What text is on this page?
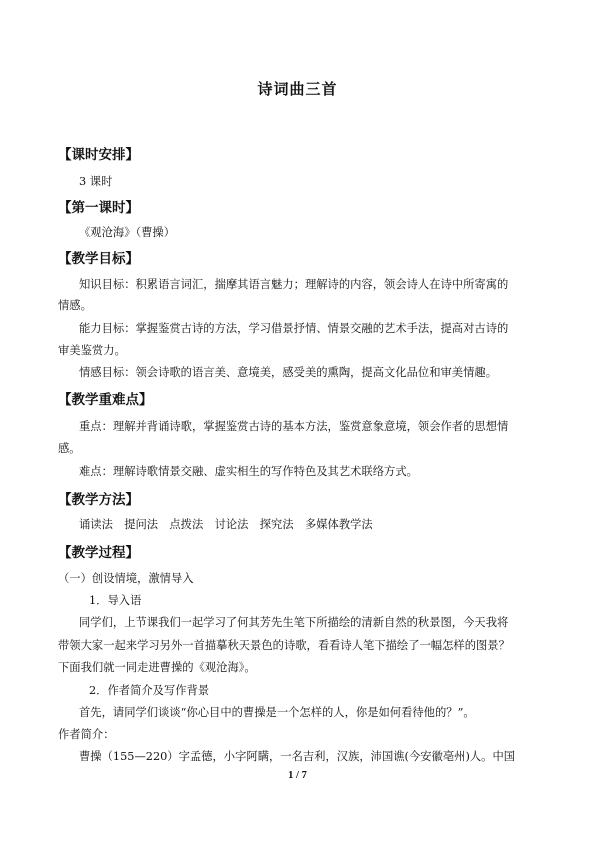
诗词曲三首
【课时安排】
3 课时
【第一课时】
《观沧海》（曹操）
【教学目标】
知识目标：积累语言词汇，揣摩其语言魅力；理解诗的内容，领会诗人在诗中所寄寓的
情感。
能力目标：掌握鉴赏古诗的方法，学习借景抒情、情景交融的艺术手法，提高对古诗的
审美鉴赏力。
情感目标：领会诗歌的语言美、意境美，感受美的熏陶，提高文化品位和审美情趣。
【教学重难点】
重点：理解并背诵诗歌，掌握鉴赏古诗的基本方法，鉴赏意象意境，领会作者的思想情
感。
难点：理解诗歌情景交融、虚实相生的写作特色及其艺术联络方式。
【教学方法】
诵读法　提问法　点拨法　讨论法　探究法　多媒体教学法
【教学过程】
（一）创设情境，激情导入
1．导入语
同学们，上节课我们一起学习了何其芳先生笔下所描绘的清新自然的秋景图，今天我将
带领大家一起来学习另外一首描摹秋天景色的诗歌，看看诗人笔下描绘了一幅怎样的图景？
下面我们就一同走进曹操的《观沧海》。
2．作者简介及写作背景
首先，请同学们谈谈“你心目中的曹操是一个怎样的人，你是如何看待他的？”。
作者简介：
曹操（155—220）字孟德，小字阿瞒，一名吉利，汉族，沛国谯(今安徽亳州)人。中国
1 / 7
